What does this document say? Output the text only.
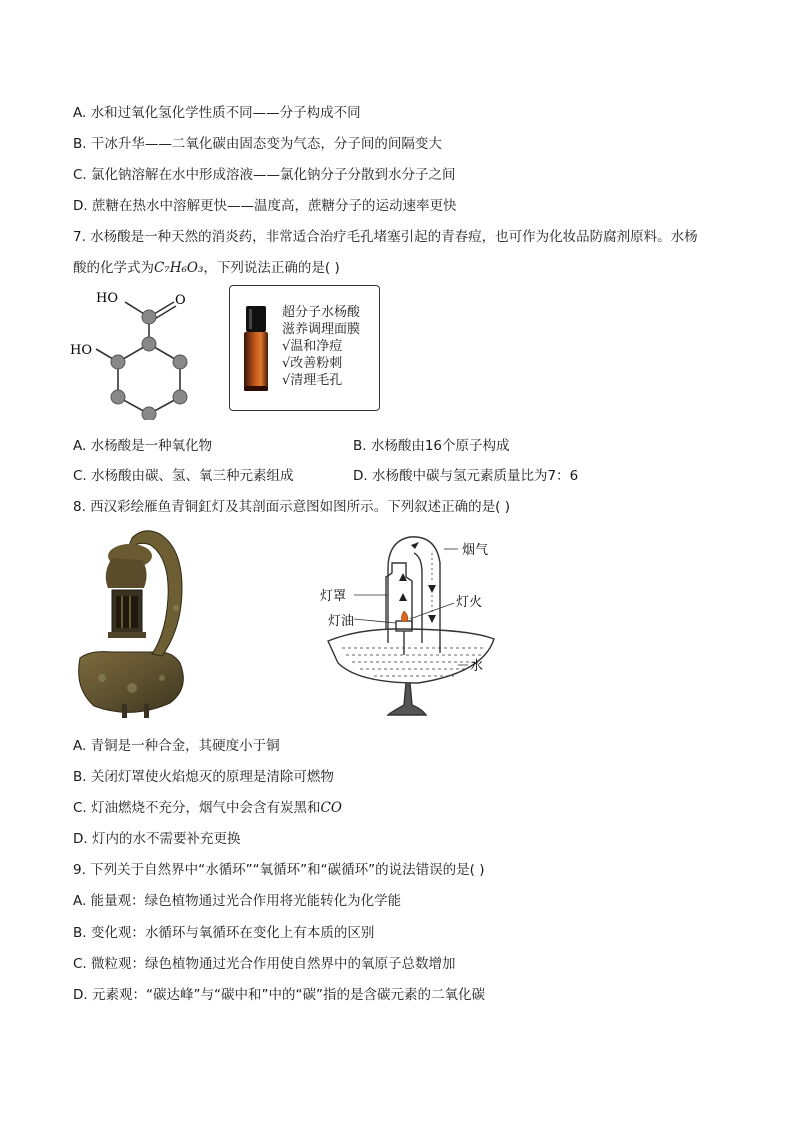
A. 水和过氧化氢化学性质不同——分子构成不同
B. 干冰升华——二氧化碳由固态变为气态，分子间的间隔变大
C. 氯化钠溶解在水中形成溶液——氯化钠分子分散到水分子之间
D. 蔗糖在热水中溶解更快——温度高，蔗糖分子的运动速率更快
7. 水杨酸是一种天然的消炎药，非常适合治疗毛孔堵塞引起的青春痘，也可作为化妆品防腐剂原料。水杨
酸的化学式为C₇H₆O₃，下列说法正确的是( )
HO	O
HO
超分子水杨酸
滋养调理面膜
√温和净痘
√改善粉刺
√清理毛孔
A. 水杨酸是一种氧化物	B. 水杨酸由16个原子构成
C. 水杨酸由碳、氢、氧三种元素组成	D. 水杨酸中碳与氢元素质量比为7：6
8. 西汉彩绘雁鱼青铜釭灯及其剖面示意图如图所示。下列叙述正确的是( )
烟气
灯罩	灯火
灯油
水
A. 青铜是一种合金，其硬度小于铜
B. 关闭灯罩使火焰熄灭的原理是清除可燃物
C. 灯油燃烧不充分，烟气中会含有炭黑和CO
D. 灯内的水不需要补充更换
9. 下列关于自然界中“水循环”“氧循环”和“碳循环”的说法错误的是( )
A. 能量观：绿色植物通过光合作用将光能转化为化学能
B. 变化观：水循环与氧循环在变化上有本质的区别
C. 微粒观：绿色植物通过光合作用使自然界中的氧原子总数增加
D. 元素观：“碳达峰”与“碳中和”中的“碳”指的是含碳元素的二氧化碳
